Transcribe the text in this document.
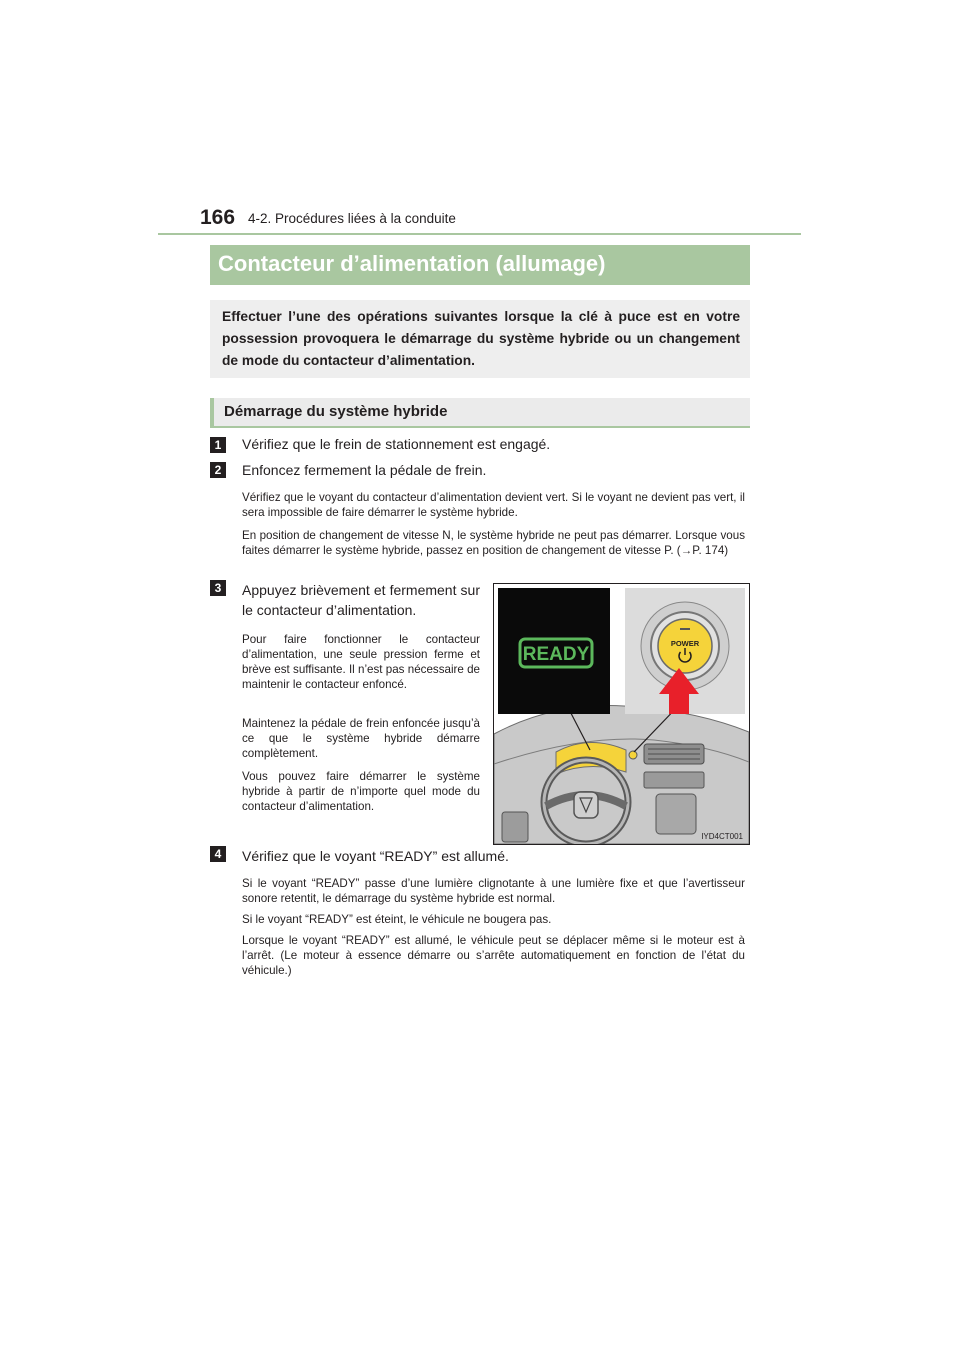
166 4-2. Procédures liées à la conduite
Contacteur d’alimentation (allumage)

Effectuer l’une des opérations suivantes lorsque la clé à puce est en votre possession provoquera le démarrage du système hybride ou un changement de mode du contacteur d’alimentation.

Démarrage du système hybride
1	Vérifiez que le frein de stationnement est engagé.
2	Enfoncez fermement la pédale de frein.

Vérifiez que le voyant du contacteur d’alimentation devient vert. Si le voyant ne devient pas vert, il sera impossible de faire démarrer le système hybride.

En position de changement de vitesse N, le système hybride ne peut pas démarrer. Lorsque vous faites démarrer le système hybride, passez en position de changement de vitesse P. (→P. 174)

3	Appuyez brièvement et fermement sur le contacteur d’alimentation.

Pour faire fonctionner le contacteur d’alimentation, une seule pression ferme et brève est suffisante. Il n’est pas nécessaire de maintenir le contacteur enfoncé.

Maintenez la pédale de frein enfoncée jusqu’à ce que le système hybride démarre complètement.

Vous pouvez faire démarrer le système hybride à partir de n’importe quel mode du contacteur d’alimentation.

READY
POWER
IYD4CT001
4	Vérifiez que le voyant “READY” est allumé.

Si le voyant “READY” passe d’une lumière clignotante à une lumière fixe et que l’avertisseur sonore retentit, le démarrage du système hybride est normal.

Si le voyant “READY” est éteint, le véhicule ne bougera pas.

Lorsque le voyant “READY” est allumé, le véhicule peut se déplacer même si le moteur est à l’arrêt. (Le moteur à essence démarre ou s’arrête automatiquement en fonction de l’état du véhicule.)
